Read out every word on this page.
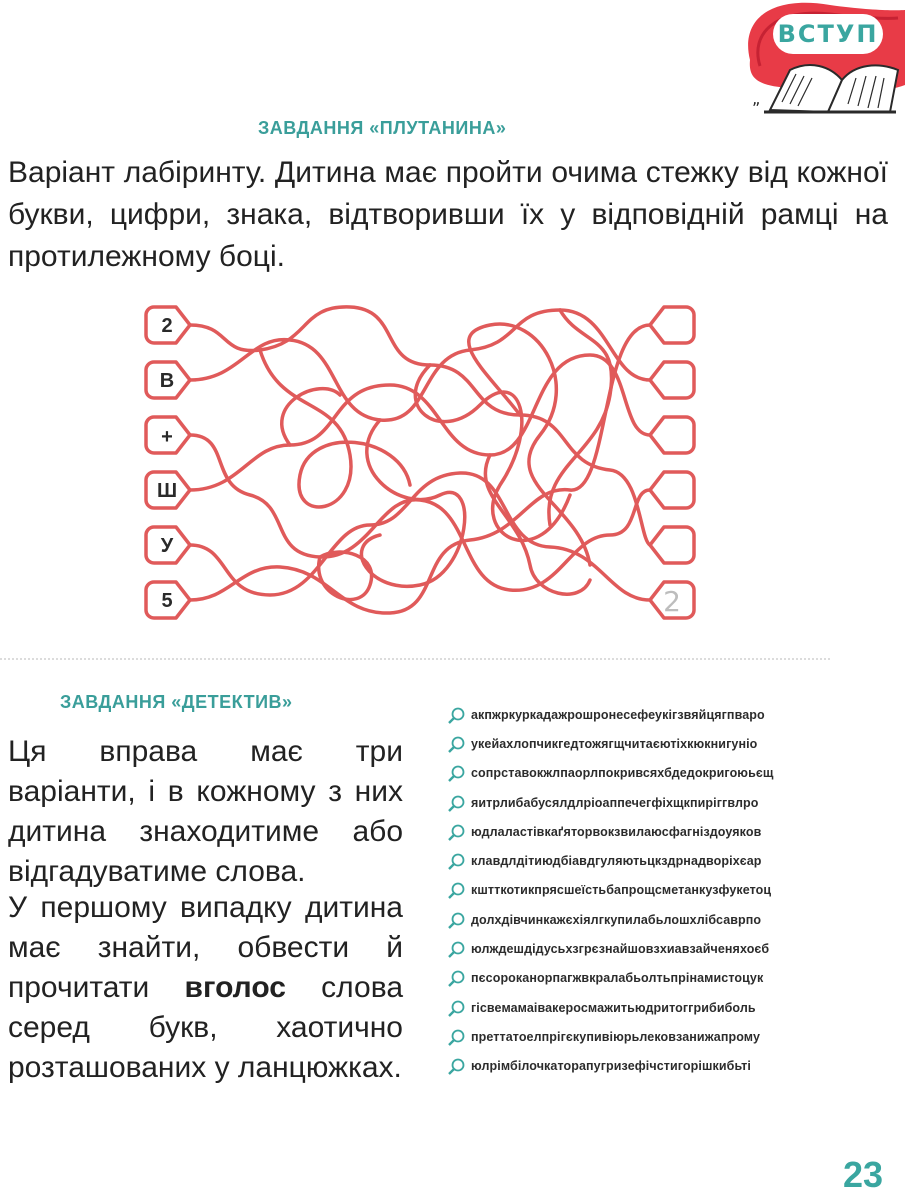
„
ВСТУП
ЗАВДАННЯ «ПЛУТАНИНА»

Варіант лабіринту. Дитина має пройти очима стежку від кожної букви, цифри, знака, відтворивши їх у відповідній рамці на протилежному боці.

2
В
+
Ш
У
5	2
ЗАВДАННЯ «ДЕТЕКТИВ»

Ця вправа має три варіанти, і в кожному з них дитина знаходитиме або відгадуватиме слова.

У першому випадку дитина має знайти, обвести й прочитати вголос слова серед букв, хаотично розташованих у ланцюжках.

акпжркуркадажрошронесефеукігзвяйцягпваро
укейахлопчикгедтожягщчитаєютіхкюкнигуніо
сопрставокжлпаорлпокривсяхбдедокригоюьєщ
яитрлибабусялдлріоаппечегфіхщкпиріггвлро
юдлаластівкаґяторвокзвилаюсфагніздоуяков
клавдлдітиюдбіавдгуляютьцкздрнадворіхєар
кштткотикпрясшеїстьбапрощсметанкузфукетоц
долхдівчинкажєхіялгкупилабьлошхлібсаврпо
юлждешдідусьхзгрєзнайшовзхиавзайченяхоєб
пєсороканорпагжвкралабьолтьпрінамистоцук
гісвемамаівакеросмажитьюдритоггрибиболь
преттатоелпрігєкупивіюрьлековзанижапрому
юлрімбілочкаторапугризефічстигорішкибьті
23
